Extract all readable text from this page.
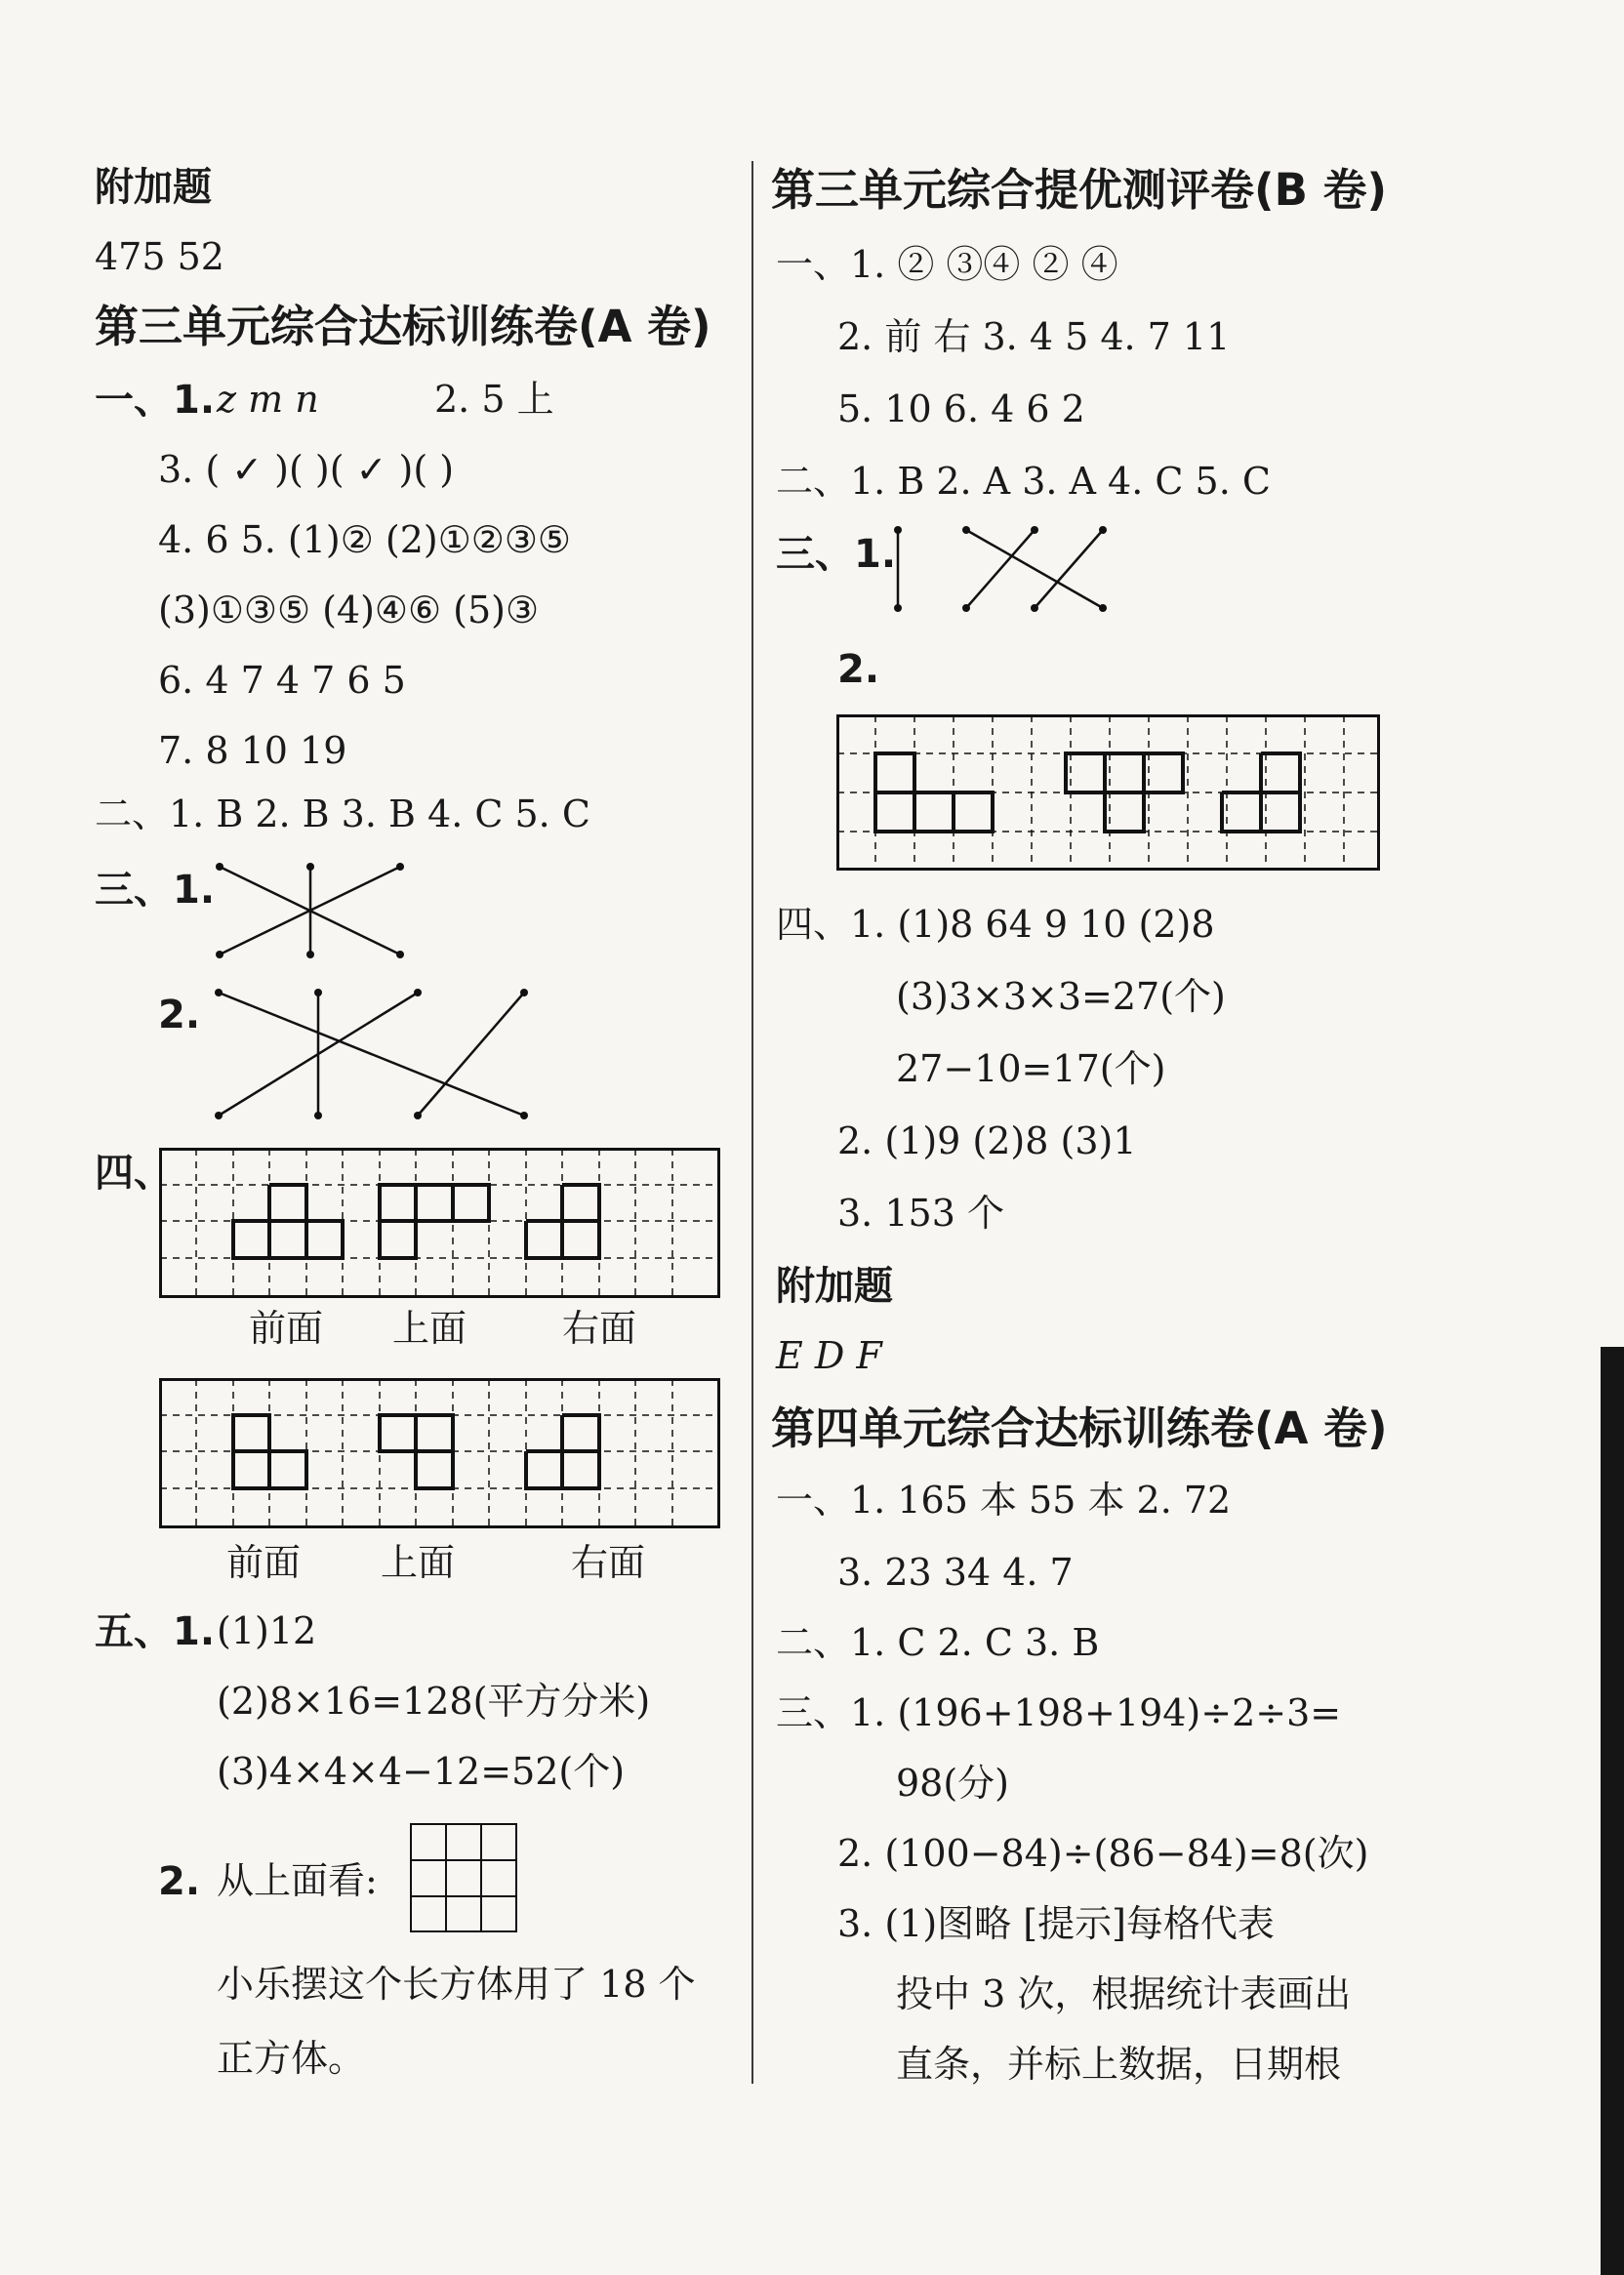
附加题
475 52
第三单元综合达标训练卷(A 卷)
一、1. z m n	2. 5 上
3. ( ✓ )( )( ✓ )( )
4. 6 5. (1)② (2)①②③⑤
(3)①③⑤ (4)④⑥ (5)③
6. 4 7 4 7 6 5
7. 8 10 19
二、1. B 2. B 3. B 4. C 5. C
三、1.
2.
四、
前面 上面	右面
前面 上面	右面
五、1. (1)12
(2)8×16=128(平方分米)
(3)4×4×4−12=52(个)
2. 从上面看:
小乐摆这个长方体用了 18 个
正方体。
第三单元综合提优测评卷(B 卷)
一、1. ② ③④ ② ④
2. 前 右 3. 4 5 4. 7 11
5. 10 6. 4 6 2
二、1. B 2. A 3. A 4. C 5. C
三、1.
2.
四、1. (1)8 64 9 10 (2)8
(3)3×3×3=27(个)
27−10=17(个)
2. (1)9 (2)8 (3)1
3. 153 个
附加题
E D F
第四单元综合达标训练卷(A 卷)
一、1. 165 本 55 本 2. 72
3. 23 34 4. 7
二、1. C 2. C 3. B
三、1. (196+198+194)÷2÷3=
98(分)
2. (100−84)÷(86−84)=8(次)
3. (1)图略 [提示]每格代表
投中 3 次，根据统计表画出
直条，并标上数据，日期根
